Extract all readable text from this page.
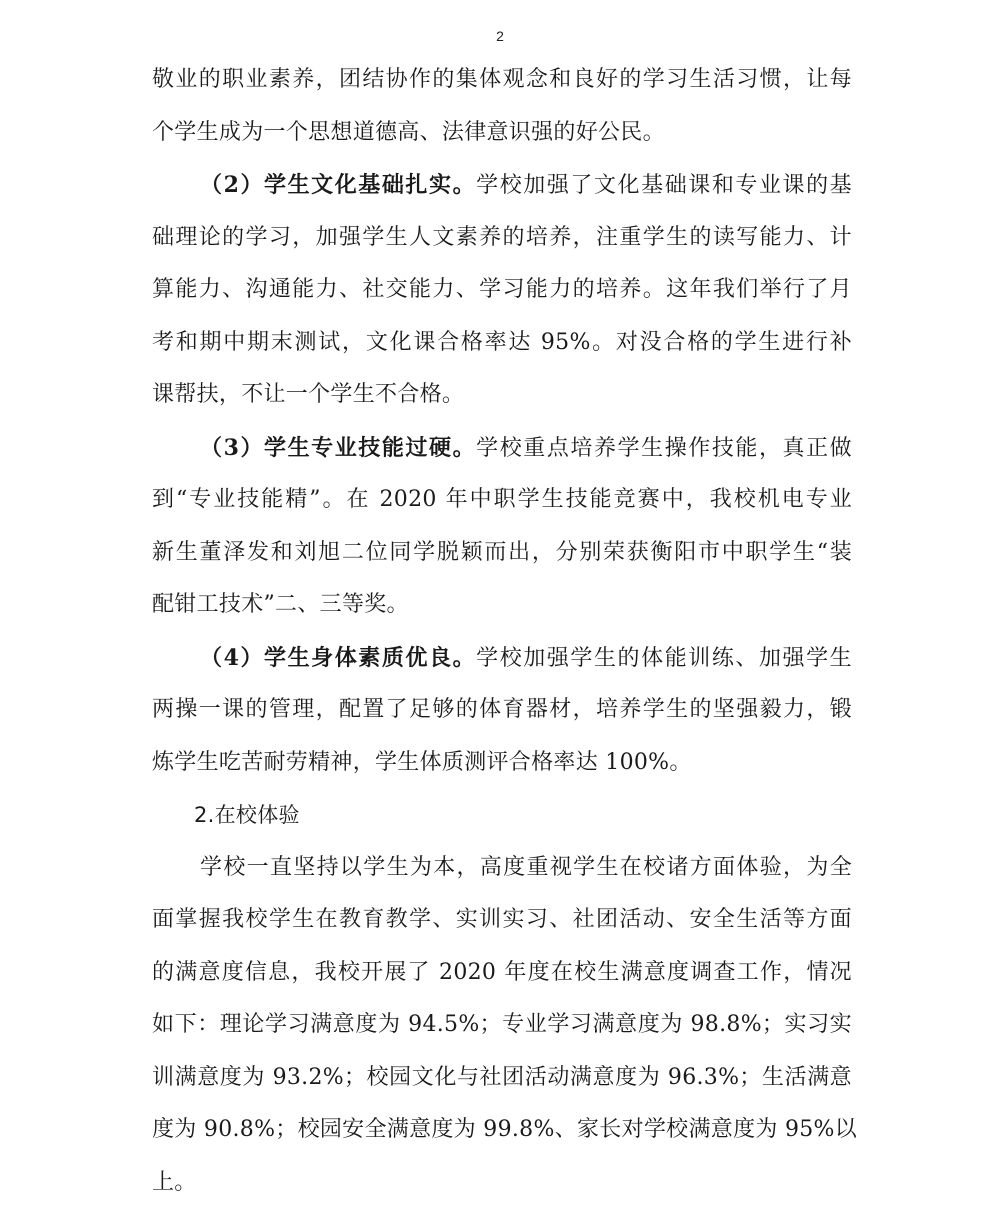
2
敬业的职业素养，团结协作的集体观念和良好的学习生活习惯，让每
个学生成为一个思想道德高、法律意识强的好公民。
（2）学生文化基础扎实。学校加强了文化基础课和专业课的基
础理论的学习，加强学生人文素养的培养，注重学生的读写能力、计
算能力、沟通能力、社交能力、学习能力的培养。这年我们举行了月
考和期中期末测试，文化课合格率达 95%。对没合格的学生进行补
课帮扶，不让一个学生不合格。
（3）学生专业技能过硬。学校重点培养学生操作技能，真正做
到“专业技能精”。在 2020 年中职学生技能竞赛中，我校机电专业
新生董泽发和刘旭二位同学脱颖而出，分别荣获衡阳市中职学生“装
配钳工技术”二、三等奖。
（4）学生身体素质优良。学校加强学生的体能训练、加强学生
两操一课的管理，配置了足够的体育器材，培养学生的坚强毅力，锻
炼学生吃苦耐劳精神，学生体质测评合格率达 100%。
2.在校体验
学校一直坚持以学生为本，高度重视学生在校诸方面体验，为全
面掌握我校学生在教育教学、实训实习、社团活动、安全生活等方面
的满意度信息，我校开展了 2020 年度在校生满意度调查工作，情况
如下：理论学习满意度为 94.5%；专业学习满意度为 98.8%；实习实
训满意度为 93.2%；校园文化与社团活动满意度为 96.3%；生活满意
度为 90.8%；校园安全满意度为 99.8%、家长对学校满意度为 95%以
上。
